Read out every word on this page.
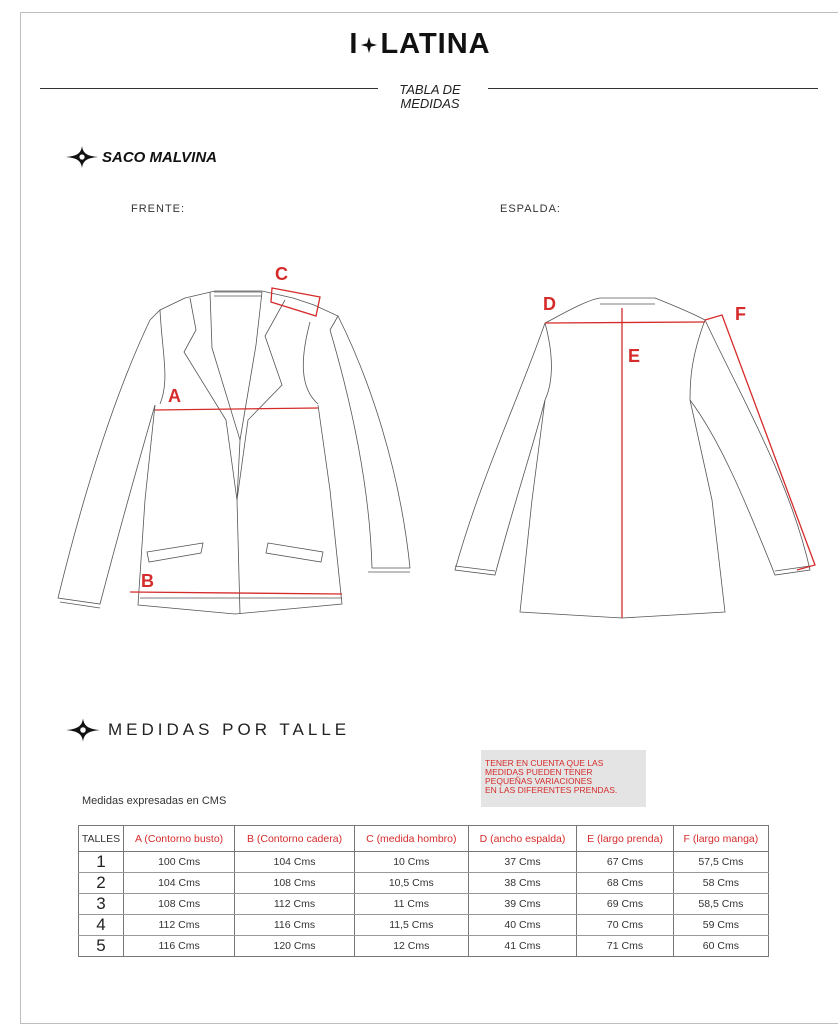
I LATINA
TABLA DE
MEDIDAS
SACO MALVINA
FRENTE:	ESPALDA:
C
A
B
D
E
F
MEDIDAS POR TALLE
TENER EN CUENTA QUE LAS
MEDIDAS PUEDEN TENER
PEQUEÑAS VARIACIONES
EN LAS DIFERENTES PRENDAS.
Medidas expresadas en CMS
TALLES	A (Contorno busto)	B (Contorno cadera)	C (medida hombro)	D (ancho espalda)	E (largo prenda)	F (largo manga)
1	100 Cms	104 Cms	10 Cms	37 Cms	67 Cms	57,5 Cms
2	104 Cms	108 Cms	10,5 Cms	38 Cms	68 Cms	58 Cms
3	108 Cms	112 Cms	11 Cms	39 Cms	69 Cms	58,5 Cms
4	112 Cms	116 Cms	11,5 Cms	40 Cms	70 Cms	59 Cms
5	116 Cms	120 Cms	12 Cms	41 Cms	71 Cms	60 Cms
